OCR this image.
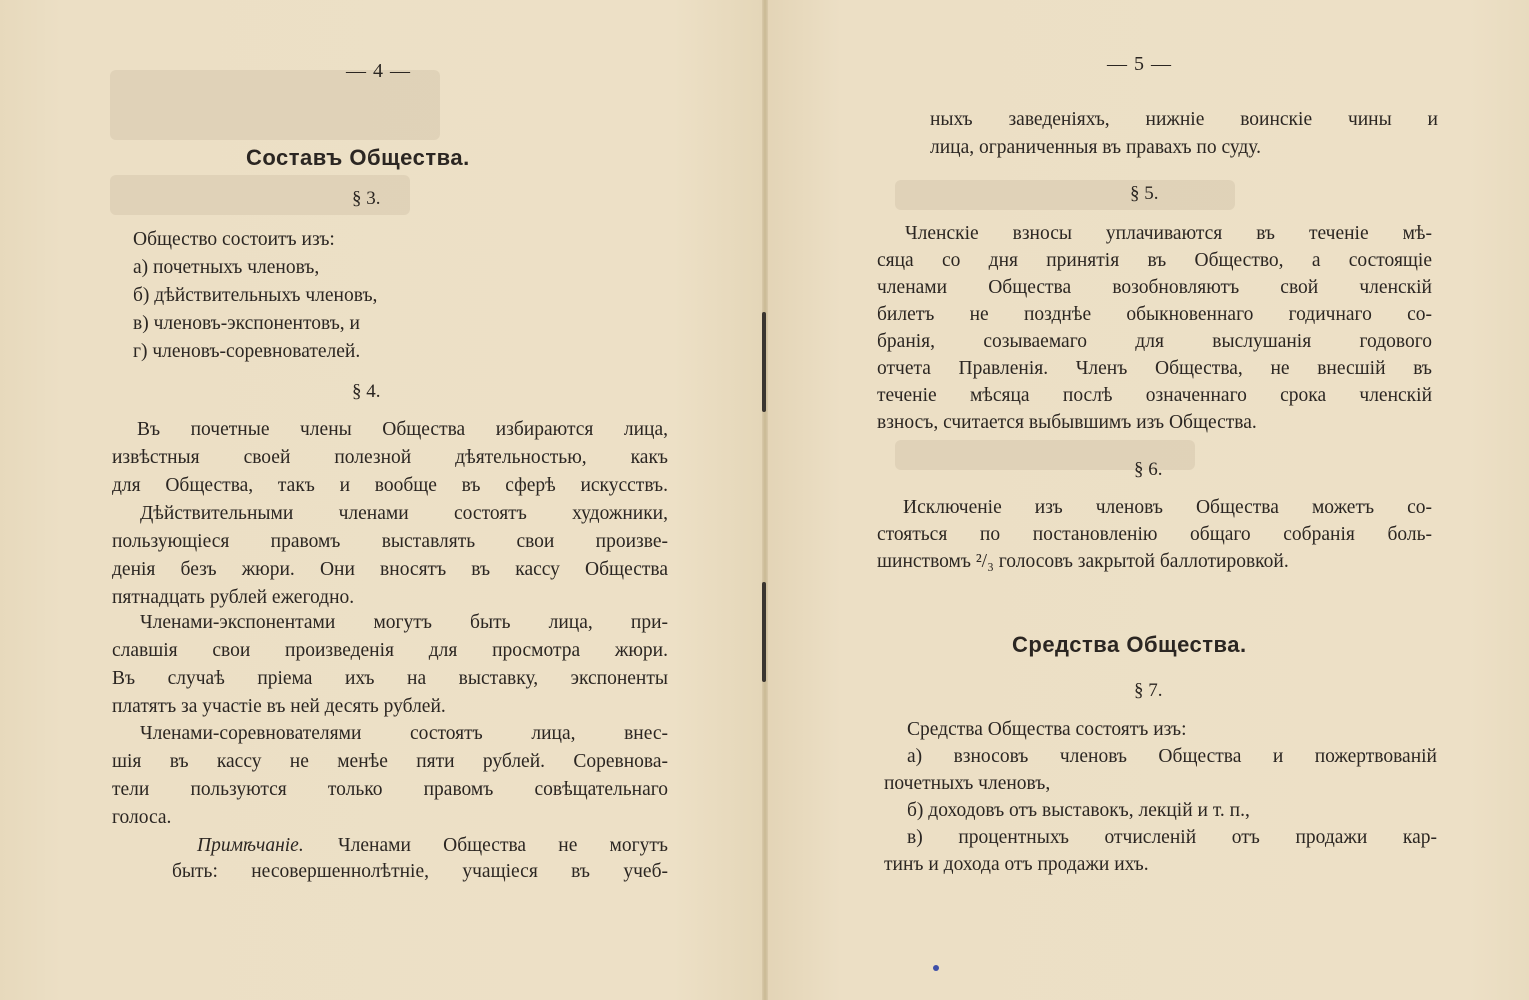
— 4 —
Составъ Общества.
§ 3.
Общество состоитъ изъ:
а) почетныхъ членовъ,
б) дѣйствительныхъ членовъ,
в) членовъ-экспонентовъ, и
г) членовъ-соревнователей.
§ 4.
Въ почетные члены Общества избираются лица,
извѣстныя своей полезной дѣятельностью, какъ
для Общества, такъ и вообще въ сферѣ искусствъ.
Дѣйствительными членами состоятъ художники,
пользующіеся правомъ выставлять свои произве-
денія безъ жюри. Они вносятъ въ кассу Общества
пятнадцать рублей ежегодно.
Членами-экспонентами могутъ быть лица, при-
славшія свои произведенія для просмотра жюри.
Въ случаѣ пріема ихъ на выставку, экспоненты
платятъ за участіе въ ней десять рублей.
Членами-соревнователями состоятъ лица, внес-
шія въ кассу не менѣе пяти рублей. Соревнова-
тели пользуются только правомъ совѣщательнаго
голоса.
Примѣчаніе. Членами Общества не могутъ
быть: несовершеннолѣтніе, учащіеся въ учеб-
— 5 —
ныхъ заведеніяхъ, нижніе воинскіе чины и
лица, ограниченныя въ правахъ по суду.
§ 5.
Членскіе взносы уплачиваются въ теченіе мѣ-
сяца со дня принятія въ Общество, а состоящіе
членами Общества возобновляютъ свой членскій
билетъ не позднѣе обыкновеннаго годичнаго со-
бранія, созываемаго для выслушанія годового
отчета Правленія. Членъ Общества, не внесшій въ
теченіе мѣсяца послѣ означеннаго срока членскій
взносъ, считается выбывшимъ изъ Общества.
§ 6.
Исключеніе изъ членовъ Общества можетъ со-
стояться по постановленію общаго собранія боль-
шинствомъ ²/₃ голосовъ закрытой баллотировкой.
Средства Общества.
§ 7.
Средства Общества состоятъ изъ:
а) взносовъ членовъ Общества и пожертвованій
почетныхъ членовъ,
б) доходовъ отъ выставокъ, лекцій и т. п.,
в) процентныхъ отчисленій отъ продажи кар-
тинъ и дохода отъ продажи ихъ.
